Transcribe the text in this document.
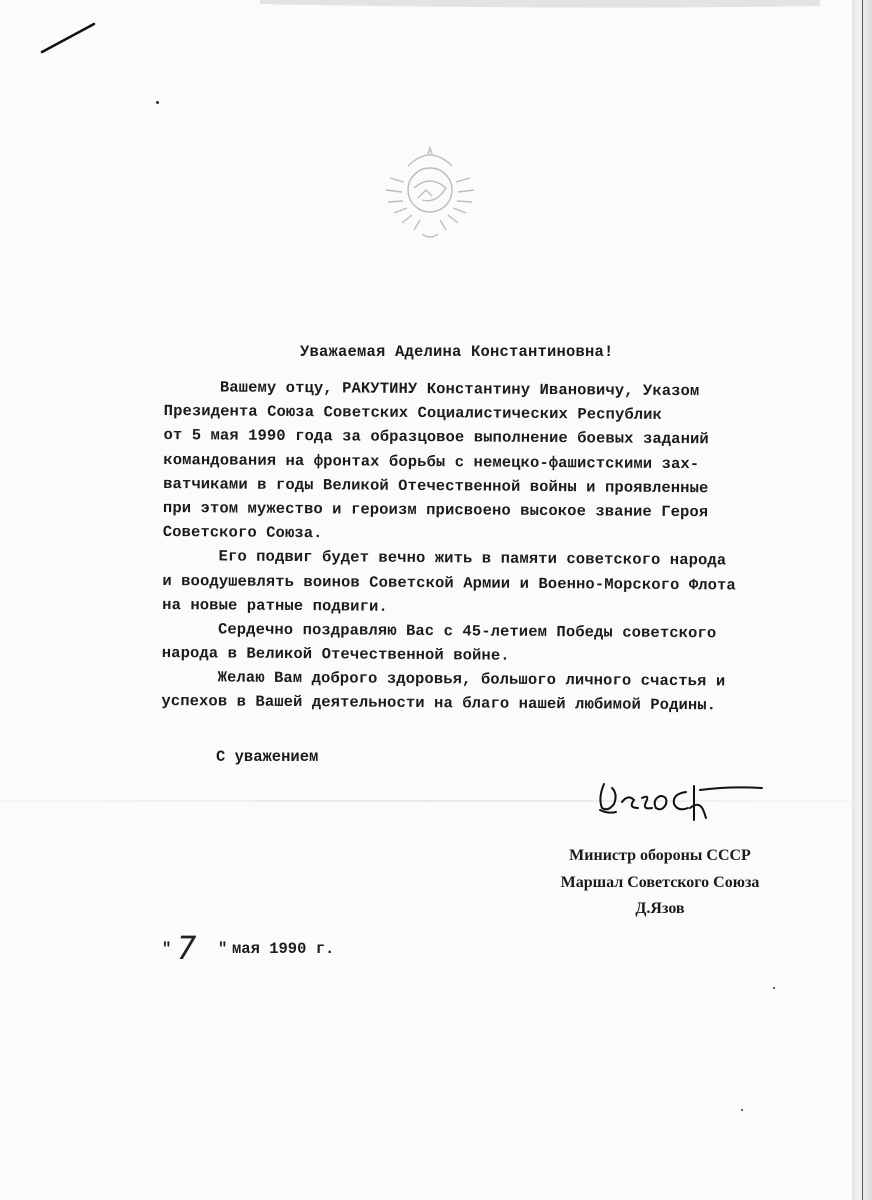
Уважаемая Аделина Константиновна!
Вашему отцу, РАКУТИНУ Константину Ивановичу, Указом
Президента Союза Советских Социалистических Республик
от 5 мая 1990 года за образцовое выполнение боевых заданий
командования на фронтах борьбы с немецко-фашистскими зах-
ватчиками в годы Великой Отечественной войны и проявленные
при этом мужество и героизм присвоено высокое звание Героя
Советского Союза.
Его подвиг будет вечно жить в памяти советского народа
и воодушевлять воинов Советской Армии и Военно-Морского Флота
на новые ратные подвиги.
Сердечно поздравляю Вас с 45-летием Победы советского
народа в Великой Отечественной войне.
Желаю Вам доброго здоровья, большого личного счастья и
успехов в Вашей деятельности на благо нашей любимой Родины.
С уважением
Министр обороны СССР
Маршал Советского Союза
Д.Язов
" 7 " мая 1990 г.
